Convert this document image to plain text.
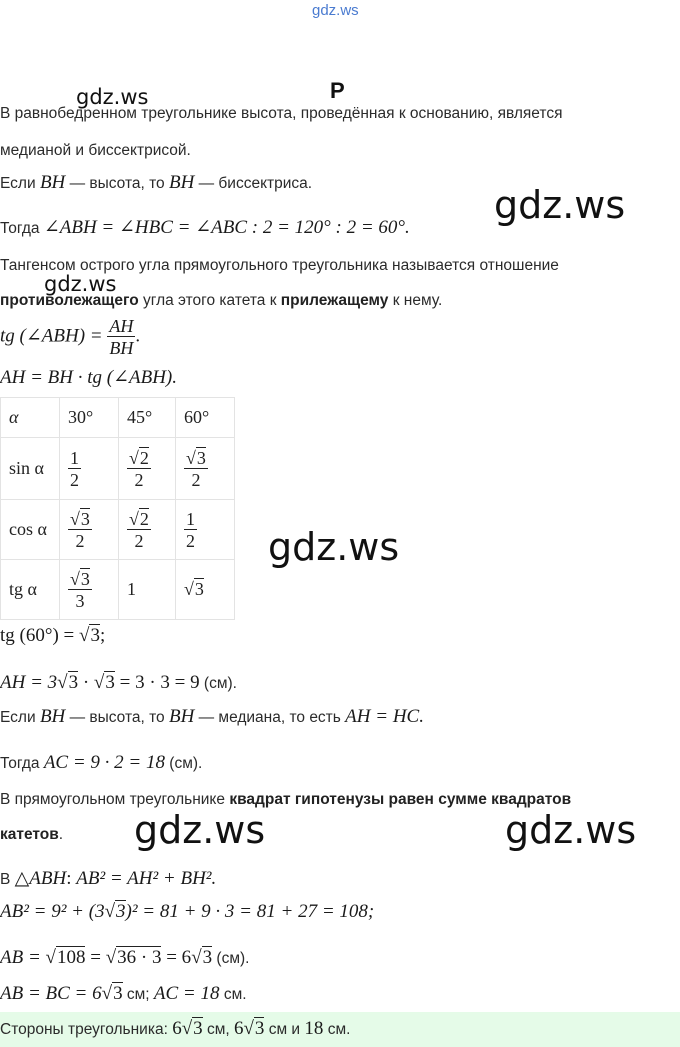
gdz.ws
gdz.ws	Р
gdz.ws
gdz.ws
gdz.ws
gdz.ws	gdz.ws
В равнобедренном треугольнике высота, проведённая к основанию, является
медианой и биссектрисой.
Если BH — высота, то BH — биссектриса.
Тогда ∠ABH = ∠HBC = ∠ABC : 2 = 120° : 2 = 60°.
Тангенсом острого угла прямоугольного треугольника называется отношение
противолежащего угла этого катета к прилежащему к нему.
tg (∠ABH) = $\frac{AH}{BH}$ .
AH = BH · tg (∠ABH).
α	30°	45°	60°
sin α	$\frac{1}{2}$	$\frac{√2}{2}$	$\frac{√3}{2}$

cos α	$\frac{√3}{2}$	$\frac{√2}{2}$	$\frac{1}{2}$

tg α	$\frac{√3}{3}$	1	√3
tg (60°) = √3;
AH = 3√3 · √3 = 3 · 3 = 9 (см).
Если BH — высота, то BH — медиана, то есть AH = HC.
Тогда AC = 9 · 2 = 18 (см).
В прямоугольном треугольнике квадрат гипотенузы равен сумме квадратов
катетов.
В △ABH: AB² = AH² + BH².
AB² = 9² + (3√3)² = 81 + 9 · 3 = 81 + 27 = 108;
AB = √108 = √36 · 3 = 6√3 (см).
AB = BC = 6√3 см; AC = 18 см.
Стороны треугольника: 6√3 см, 6√3 см и 18 см.
